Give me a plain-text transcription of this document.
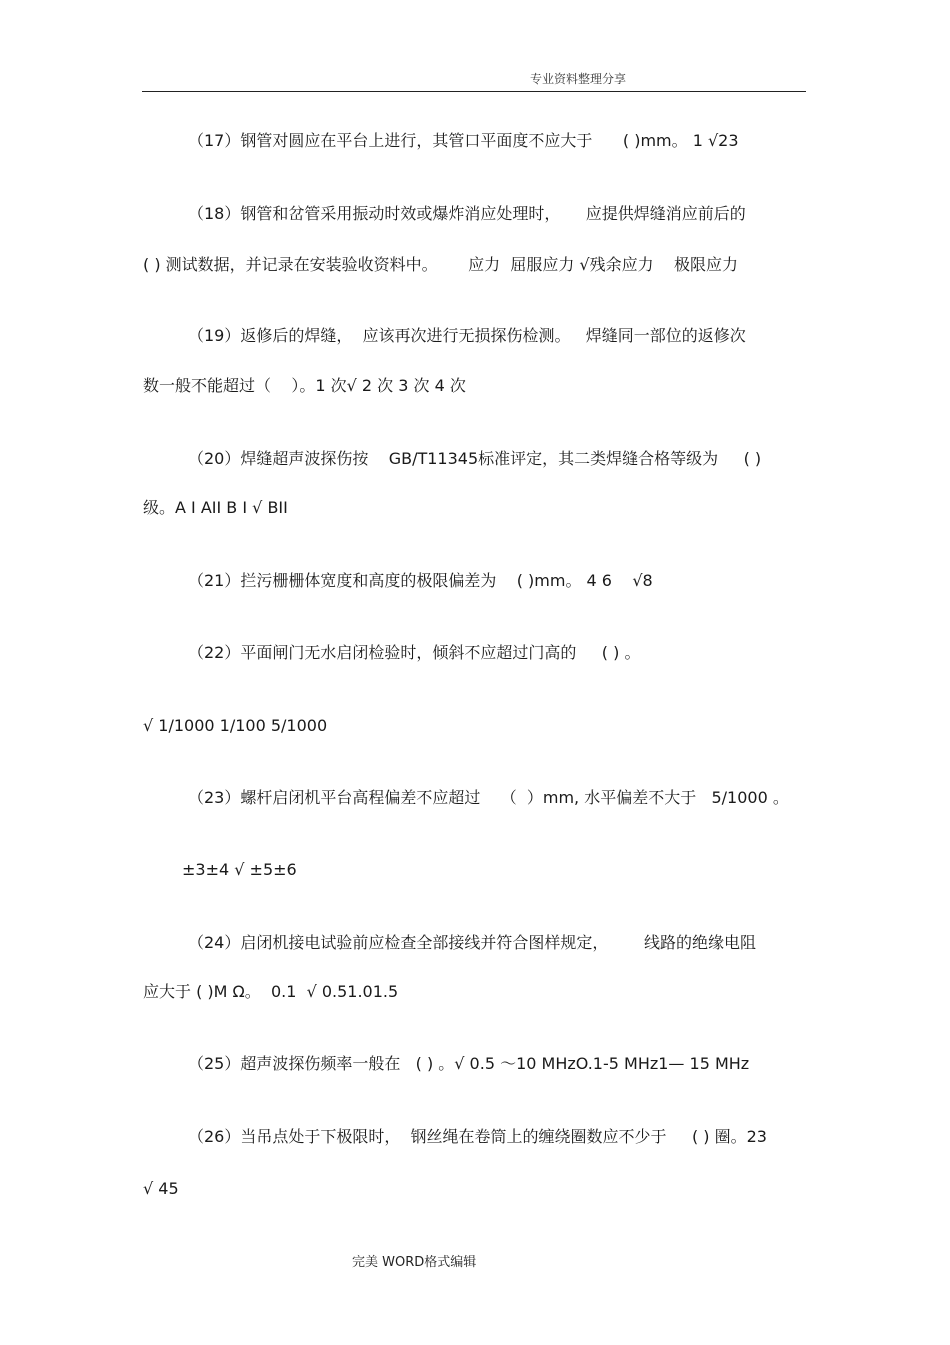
专业资料整理分享
（17）钢管对圆应在平台上进行，其管口平面度不应大于      ( )mm。 1 √23
（18）钢管和岔管采用振动时效或爆炸消应处理时，     应提供焊缝消应前后的
( ) 测试数据，并记录在安装验收资料中。      应力  屈服应力 √残余应力    极限应力
（19）返修后的焊缝，  应该再次进行无损探伤检测。   焊缝同一部位的返修次
数一般不能超过（    ）。1 次√ 2 次 3 次 4 次
（20）焊缝超声波探伤按    GB/T11345标准评定，其二类焊缝合格等级为     ( )
级。A I AII B I √ BII
（21）拦污栅栅体宽度和高度的极限偏差为    ( )mm。 4 6    √8
（22）平面闸门无水启闭检验时，倾斜不应超过门高的     ( ) 。
√ 1/1000 1/100 5/1000
（23）螺杆启闭机平台高程偏差不应超过    （  ）mm, 水平偏差不大于   5/1000 。
±3±4 √ ±5±6
（24）启闭机接电试验前应检查全部接线并符合图样规定，       线路的绝缘电阻
应大于 ( )M Ω。  0.1  √ 0.51.01.5
（25）超声波探伤频率一般在   ( ) 。√ 0.5 ～10 MHzO.1-5 MHz1— 15 MHz
（26）当吊点处于下极限时，  钢丝绳在卷筒上的缠绕圈数应不少于     ( ) 圈。23
√ 45
完美 WORD格式编辑
